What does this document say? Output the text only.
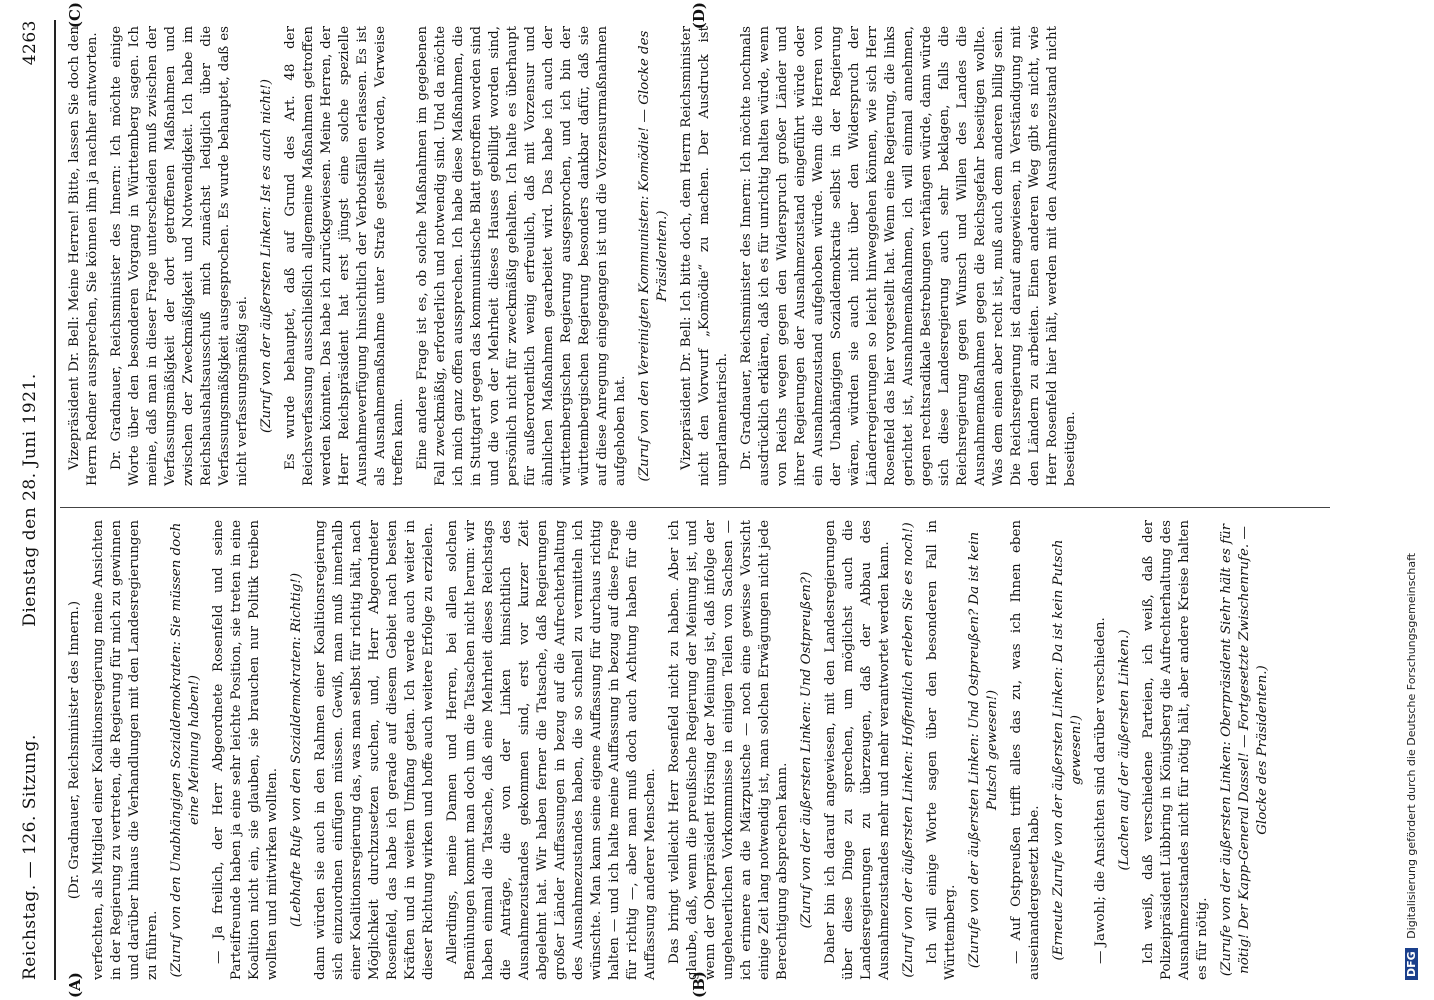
Reichstag. — 126. Sitzung.
Dienstag den 28. Juni 1921.
4263
(A)	(B)
(C)	(D)

(Dr. Gradnauer, Reichsminister des Innern.) verfechten, als Mitglied einer Koalitionsregierung meine Ansichten in der Regierung zu vertreten, die Regierung für mich zu gewinnen und darüber hinaus die Verhandlungen mit den Landesregierungen zu führen. (Zuruf von den Unabhängigen Sozialdemokraten: Sie müssen doch eine Meinung haben!) — Ja freilich, der Herr Abgeordnete Rosenfeld und seine Parteifreunde haben ja eine sehr leichte Position, sie treten in eine Koalition nicht ein, sie glauben, sie brauchen nur Politik treiben wollten und mitwirken wollten. (Lebhafte Rufe von den Sozialdemokraten: Richtig!) dann würden sie auch in den Rahmen einer Koalitionsregierung sich einzuordnen einfügen müssen. Gewiß, man muß innerhalb einer Koalitionsregierung das, was man selbst für richtig hält, nach Möglichkeit durchzusetzen suchen, und, Herr Abgeordneter Rosenfeld, das habe ich gerade auf diesem Gebiet nach besten Kräften und in weitem Umfang getan. Ich werde auch weiter in dieser Richtung wirken und hoffe auch weitere Erfolge zu erzielen. Allerdings, meine Damen und Herren, bei allen solchen Bemühungen kommt man doch um die Tatsachen nicht herum: wir haben einmal die Tatsache, daß eine Mehrheit dieses Reichstags die Anträge, die von der Linken hinsichtlich des Ausnahmezustandes gekommen sind, erst vor kurzer Zeit abgelehnt hat. Wir haben ferner die Tatsache, daß Regierungen großer Länder Auffassungen in bezug auf die Aufrechterhaltung des Ausnahmezustandes haben, die so schnell zu vermitteln ich wünschte. Man kann seine eigene Auffassung für durchaus richtig halten — und ich halte meine Auffassung in bezug auf diese Frage für richtig —, aber man muß doch auch Achtung haben für die Auffassung anderer Menschen. Das bringt vielleicht Herr Rosenfeld nicht zu haben. Aber ich glaube, daß, wenn die preußische Regierung der Meinung ist, und wenn der Oberpräsident Hörsing der Meinung ist, daß infolge der ungeheuerlichen Vorkommnisse in einigen Teilen von Sachsen — ich erinnere an die Märzputsche — noch eine gewisse Vorsicht einige Zeit lang notwendig ist, man solchen Erwägungen nicht jede Berechtigung absprechen kann. (Zuruf von der äußersten Linken: Und Ostpreußen?) Daher bin ich darauf angewiesen, mit den Landesregierungen über diese Dinge zu sprechen, um möglichst auch die Landesregierungen zu überzeugen, daß der Abbau des Ausnahmezustandes mehr und mehr verantwortet werden kann. (Zuruf von der äußersten Linken: Hoffentlich erleben Sie es noch!) Ich will einige Worte sagen über den besonderen Fall in Württemberg. (Zurufe von der äußersten Linken: Und Ostpreußen? Da ist kein Putsch gewesen!) — Auf Ostpreußen trifft alles das zu, was ich Ihnen eben auseinandergesetzt habe. (Erneute Zurufe von der äußersten Linken: Da ist kein Putsch gewesen!) — Jawohl; die Ansichten sind darüber verschieden. (Lachen auf der äußersten Linken.) Ich weiß, daß verschiedene Parteien, ich weiß, daß der Polizeipräsident Lübbring in Königsberg die Aufrechterhaltung des Ausnahmezustandes nicht für nötig hält, aber andere Kreise halten es für nötig. (Zurufe von der äußersten Linken: Oberpräsident Siehr hält es für nötig! Der Kapp-General Dassel! — Fortgesetzte Zwischenrufe. — Glocke des Präsidenten.)

Vizepräsident Dr. Bell: Meine Herren! Bitte, lassen Sie doch den Herrn Redner aussprechen, Sie können ihm ja nachher antworten. Dr. Gradnauer, Reichsminister des Innern: Ich möchte einige Worte über den besonderen Vorgang in Württemberg sagen. Ich meine, daß man in dieser Frage unterscheiden muß zwischen der Verfassungsmäßigkeit der dort getroffenen Maßnahmen und zwischen der Zweckmäßigkeit und Notwendigkeit. Ich habe im Reichshaushaltsausschuß mich zunächst lediglich über die Verfassungsmäßigkeit ausgesprochen. Es wurde behauptet, daß es nicht verfassungsmäßig sei. (Zuruf von der äußersten Linken: Ist es auch nicht!) Es wurde behauptet, daß auf Grund des Art. 48 der Reichsverfassung ausschließlich allgemeine Maßnahmen getroffen werden könnten. Das habe ich zurückgewiesen. Meine Herren, der Herr Reichspräsident hat erst jüngst eine solche spezielle Ausnahmeverfügung hinsichtlich der Verbotsfällen erlassen. Es ist als Ausnahmemaßnahme unter Strafe gestellt worden, Verweise treffen kann. Eine andere Frage ist es, ob solche Maßnahmen im gegebenen Fall zweckmäßig, erforderlich und notwendig sind. Und da möchte ich mich ganz offen aussprechen. Ich habe diese Maßnahmen, die in Stuttgart gegen das kommunistische Blatt getroffen worden sind und die von der Mehrheit dieses Hauses gebilligt worden sind, persönlich nicht für zweckmäßig gehalten. Ich halte es überhaupt für außerordentlich wenig erfreulich, daß mit Vorzensur und ähnlichen Maßnahmen gearbeitet wird. Das habe ich auch der württembergischen Regierung ausgesprochen, und ich bin der württembergischen Regierung besonders dankbar dafür, daß sie auf diese Anregung eingegangen ist und die Vorzensurmaßnahmen aufgehoben hat. (Zuruf von den Vereinigten Kommunisten: Komödie! — Glocke des Präsidenten.) Vizepräsident Dr. Bell: Ich bitte doch, dem Herrn Reichsminister nicht den Vorwurf „Komödie“ zu machen. Der Ausdruck ist unparlamentarisch. Dr. Gradnauer, Reichsminister des Innern: Ich möchte nochmals ausdrücklich erklären, daß ich es für unrichtig halten würde, wenn von Reichs wegen gegen den Widerspruch großer Länder und ihrer Regierungen der Ausnahmezustand eingeführt würde oder ein Ausnahmezustand aufgehoben würde. Wenn die Herren von der Unabhängigen Sozialdemokratie selbst in der Regierung wären, würden sie auch nicht über den Widerspruch der Länderregierungen so leicht hinweggehen können, wie sich Herr Rosenfeld das hier vorgestellt hat. Wenn eine Regierung, die links gerichtet ist, Ausnahmemaßnahmen, ich will einmal annehmen, gegen rechtsradikale Bestrebungen verhängen würde, dann würde sich diese Landesregierung auch sehr beklagen, falls die Reichsregierung gegen Wunsch und Willen des Landes die Ausnahmemaßnahmen gegen die Reichsgefahr beseitigen wollte. Was dem einen aber recht ist, muß auch dem anderen billig sein. Die Reichsregierung ist darauf angewiesen, in Verständigung mit den Ländern zu arbeiten. Einen anderen Weg gibt es nicht, wie Herr Rosenfeld hier hält, werden mit den Ausnahmezustand nicht beseitigen.

DFG Digitalisierung gefördert durch die Deutsche Forschungsgemeinschaft
